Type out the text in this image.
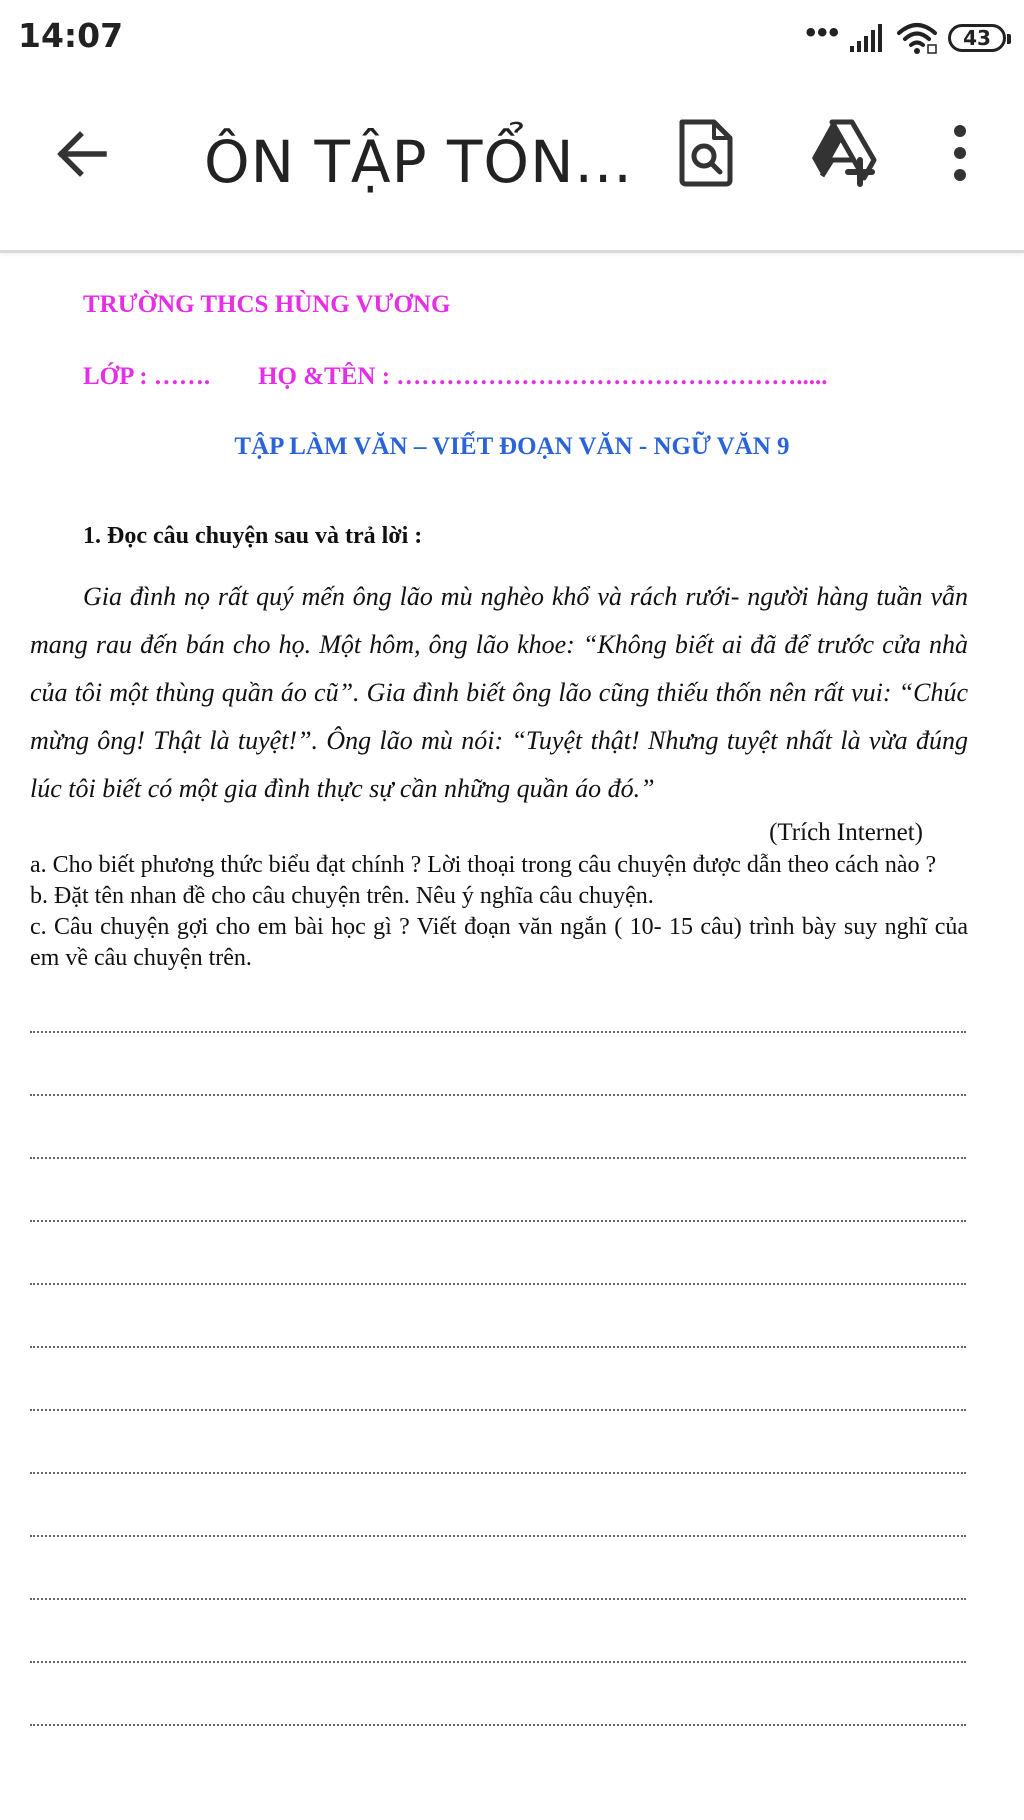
14:07	•••	43
ÔN TẬP TỔN...
TRƯỜNG THCS HÙNG VƯƠNG
LỚP : ……. HỌ &TÊN : ………………………………………….....
TẬP LÀM VĂN – VIẾT ĐOẠN VĂN - NGỮ VĂN 9
1. Đọc câu chuyện sau và trả lời :

Gia đình nọ rất quý mến ông lão mù nghèo khổ và rách rưới- người hàng tuần vẫn mang rau đến bán cho họ. Một hôm, ông lão khoe: “Không biết ai đã để trước cửa nhà của tôi một thùng quần áo cũ”. Gia đình biết ông lão cũng thiếu thốn nên rất vui: “Chúc mừng ông! Thật là tuyệt!”. Ông lão mù nói: “Tuyệt thật! Nhưng tuyệt nhất là vừa đúng lúc tôi biết có một gia đình thực sự cần những quần áo đó.”

(Trích Internet)
a. Cho biết phương thức biểu đạt chính ? Lời thoại trong câu chuyện được dẫn theo cách nào ?
b. Đặt tên nhan đề cho câu chuyện trên. Nêu ý nghĩa câu chuyện.
c. Câu chuyện gợi cho em bài học gì ? Viết đoạn văn ngắn ( 10- 15 câu) trình bày suy nghĩ của em về câu chuyện trên.
